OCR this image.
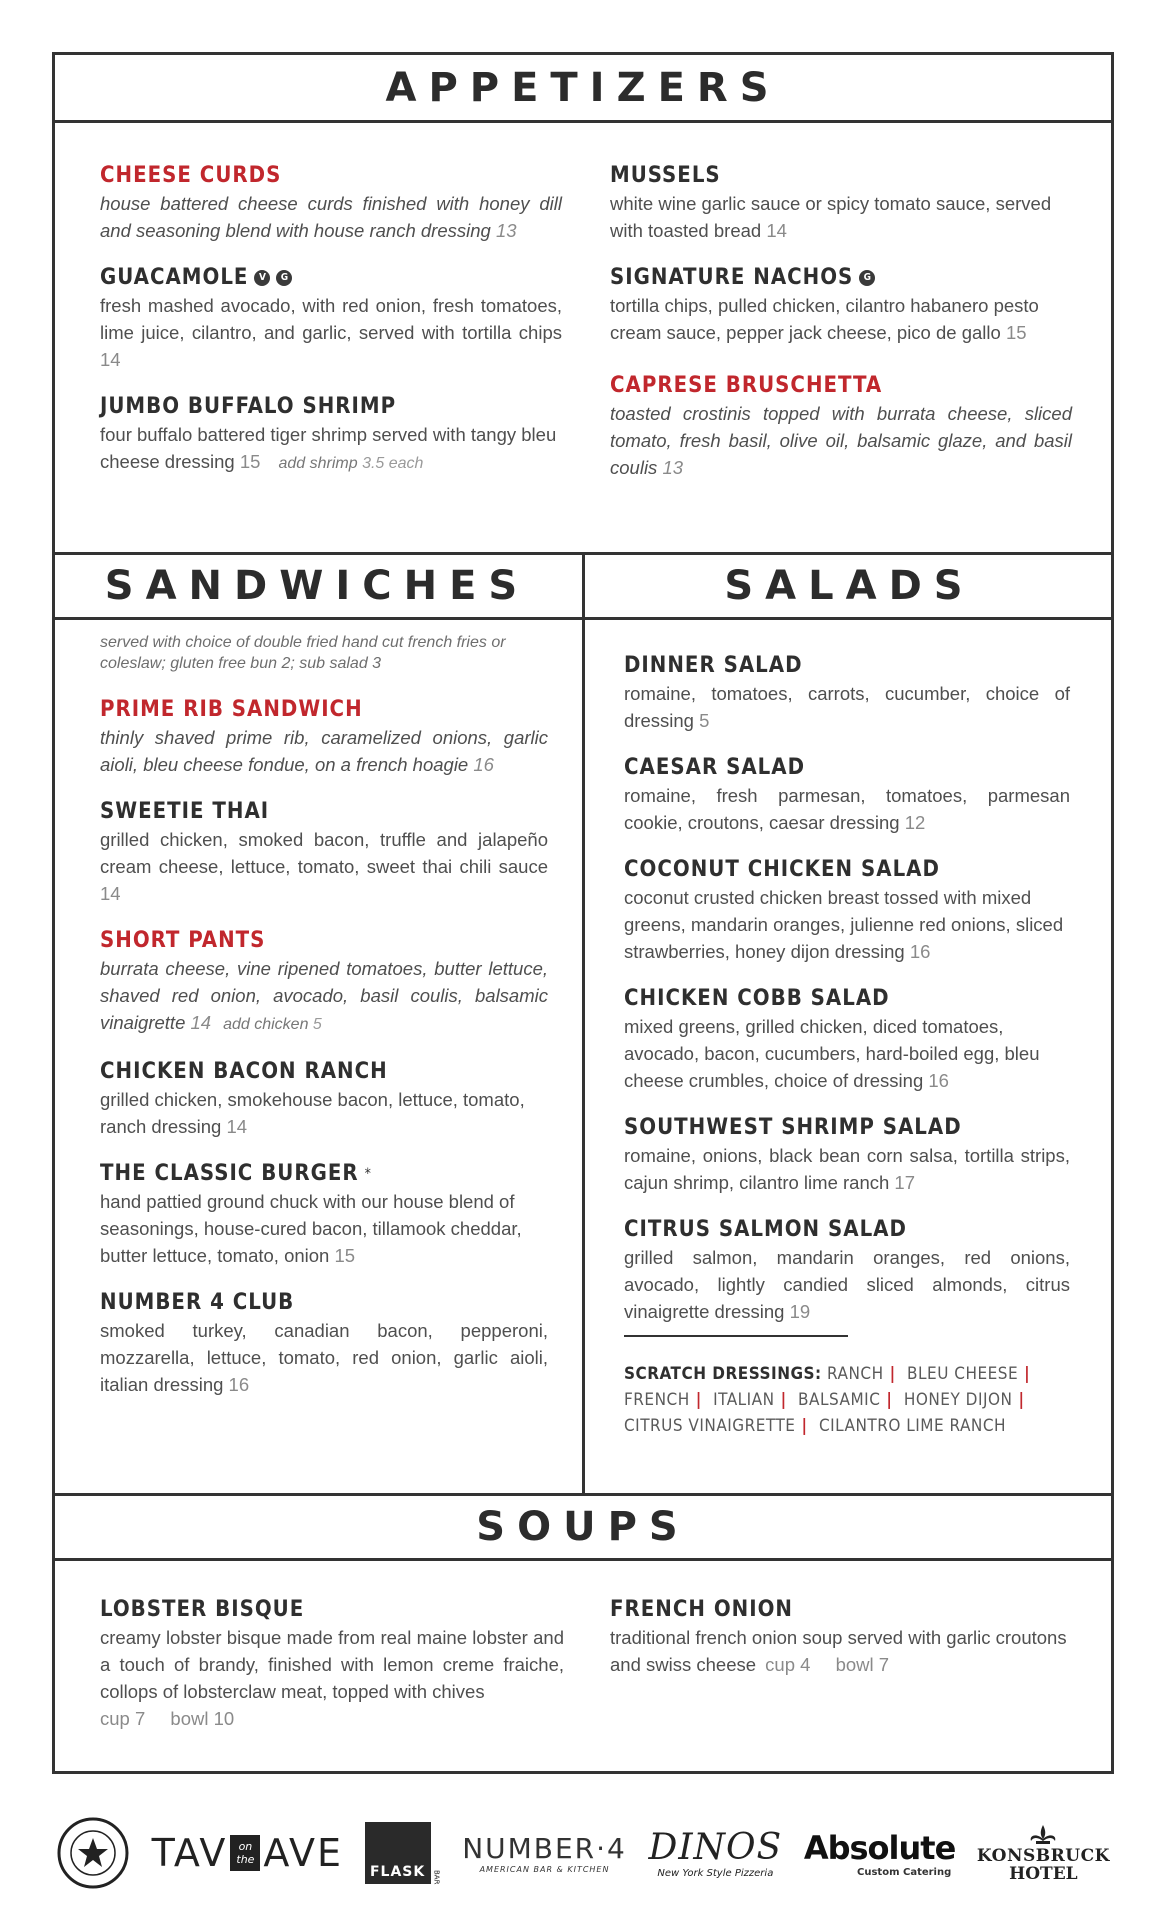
APPETIZERS
SANDWICHES	SALADS
SOUPS
CHEESE CURDS
house battered cheese curds finished with honey dill and seasoning blend with house ranch dressing 13
GUACAMOLE	V	G
fresh mashed avocado, with red onion, fresh tomatoes, lime juice, cilantro, and garlic, served with tortilla chips 14
JUMBO BUFFALO SHRIMP
four buffalo battered tiger shrimp served with tangy bleu cheese dressing 15 add shrimp 3.5 each
MUSSELS
white wine garlic sauce or spicy tomato sauce, served with toasted bread 14
SIGNATURE NACHOS	G
tortilla chips, pulled chicken, cilantro habanero pesto cream sauce, pepper jack cheese, pico de gallo 15
CAPRESE BRUSCHETTA
toasted crostinis topped with burrata cheese, sliced tomato, fresh basil, olive oil, balsamic glaze, and basil coulis 13
served with choice of double fried hand cut french fries or coleslaw; gluten free bun 2; sub salad 3
PRIME RIB SANDWICH
thinly shaved prime rib, caramelized onions, garlic aioli, bleu cheese fondue, on a french hoagie 16
SWEETIE THAI
grilled chicken, smoked bacon, truffle and jalapeño cream cheese, lettuce, tomato, sweet thai chili sauce 14
SHORT PANTS
burrata cheese, vine ripened tomatoes, butter lettuce, shaved red onion, avocado, basil coulis, balsamic vinaigrette 14 add chicken 5
CHICKEN BACON RANCH
grilled chicken, smokehouse bacon, lettuce, tomato, ranch dressing 14
THE CLASSIC BURGER *
hand pattied ground chuck with our house blend of seasonings, house-cured bacon, tillamook cheddar, butter lettuce, tomato, onion 15
NUMBER 4 CLUB
smoked turkey, canadian bacon, pepperoni, mozzarella, lettuce, tomato, red onion, garlic aioli, italian dressing 16
DINNER SALAD
romaine, tomatoes, carrots, cucumber, choice of dressing 5
CAESAR SALAD
romaine, fresh parmesan, tomatoes, parmesan cookie, croutons, caesar dressing 12
COCONUT CHICKEN SALAD
coconut crusted chicken breast tossed with mixed greens, mandarin oranges, julienne red onions, sliced strawberries, honey dijon dressing 16
CHICKEN COBB SALAD
mixed greens, grilled chicken, diced tomatoes, avocado, bacon, cucumbers, hard-boiled egg, bleu cheese crumbles, choice of dressing 16
SOUTHWEST SHRIMP SALAD
romaine, onions, black bean corn salsa, tortilla strips, cajun shrimp, cilantro lime ranch 17
CITRUS SALMON SALAD
grilled salmon, mandarin oranges, red onions, avocado, lightly candied sliced almonds, citrus vinaigrette dressing 19
SCRATCH DRESSINGS: RANCH | BLEU CHEESE |
FRENCH | ITALIAN | BALSAMIC | HONEY DIJON |
CITRUS VINAIGRETTE | CILANTRO LIME RANCH
LOBSTER BISQUE
creamy lobster bisque made from real maine lobster and a touch of brandy, finished with lemon creme fraiche, collops of lobsterclaw meat, topped with chives
cup 7 bowl 10
FRENCH ONION
traditional french onion soup served with garlic croutons and swiss cheese cup 4 bowl 7
TAV on
the AVE FLASK BAR
NUMBER·4
AMERICAN BAR & KITCHEN
DINOS
New York Style Pizzeria
Absolute
Custom Catering
KONSBRUCK
HOTEL
